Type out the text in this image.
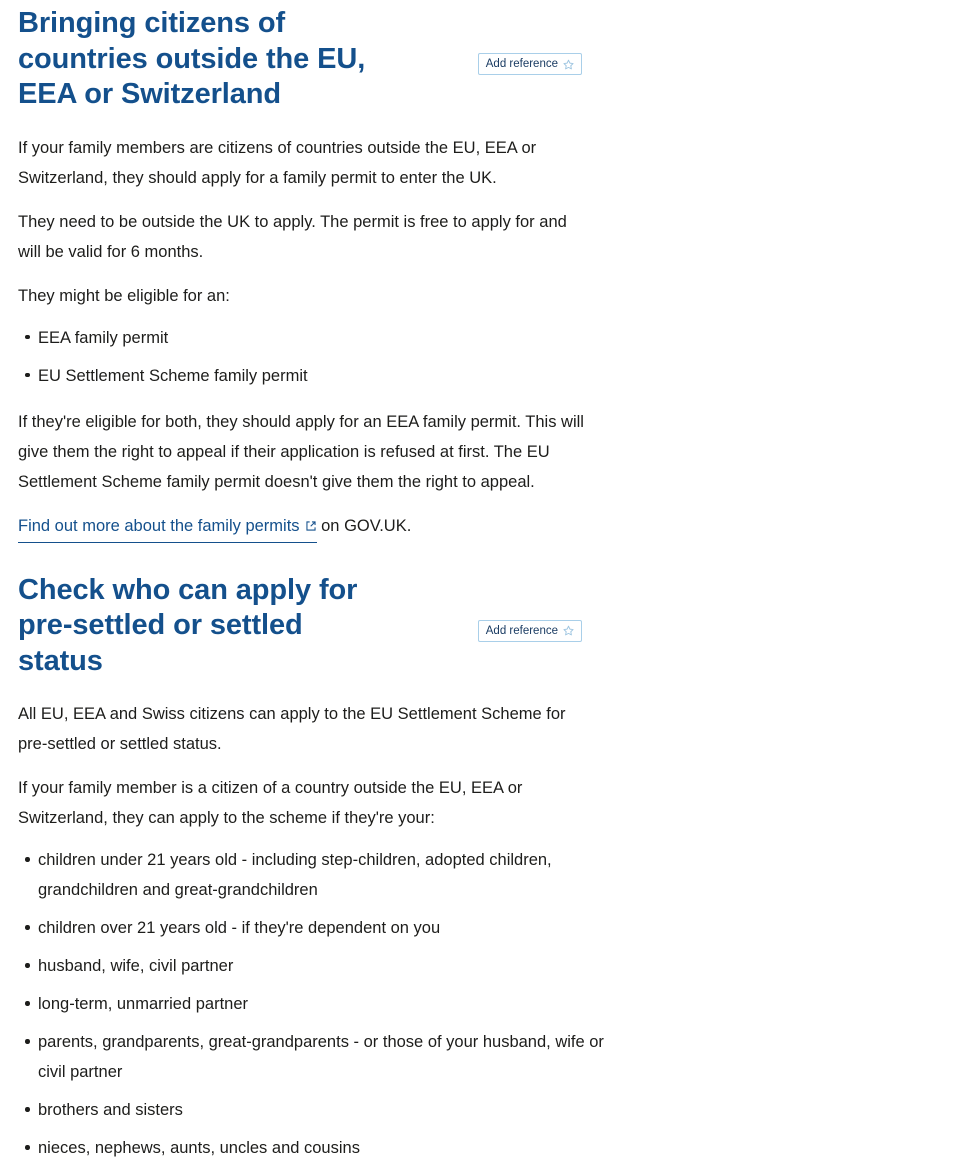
Bringing citizens of countries outside the EU, EEA or Switzerland
Add reference

If your family members are citizens of countries outside the EU, EEA or Switzerland, they should apply for a family permit to enter the UK.

They need to be outside the UK to apply. The permit is free to apply for and will be valid for 6 months.

They might be eligible for an:

EEA family permit
EU Settlement Scheme family permit

If they're eligible for both, they should apply for an EEA family permit. This will give them the right to appeal if their application is refused at first. The EU Settlement Scheme family permit doesn't give them the right to appeal.

Find out more about the family permits on GOV.UK.
Check who can apply for pre-settled or settled status
Add reference

All EU, EEA and Swiss citizens can apply to the EU Settlement Scheme for pre-settled or settled status.

If your family member is a citizen of a country outside the EU, EEA or Switzerland, they can apply to the scheme if they're your:

children under 21 years old - including step-children, adopted children, grandchildren and great-grandchildren
children over 21 years old - if they're dependent on you
husband, wife, civil partner
long-term, unmarried partner
parents, grandparents, great-grandparents - or those of your husband, wife or civil partner
brothers and sisters
nieces, nephews, aunts, uncles and cousins
